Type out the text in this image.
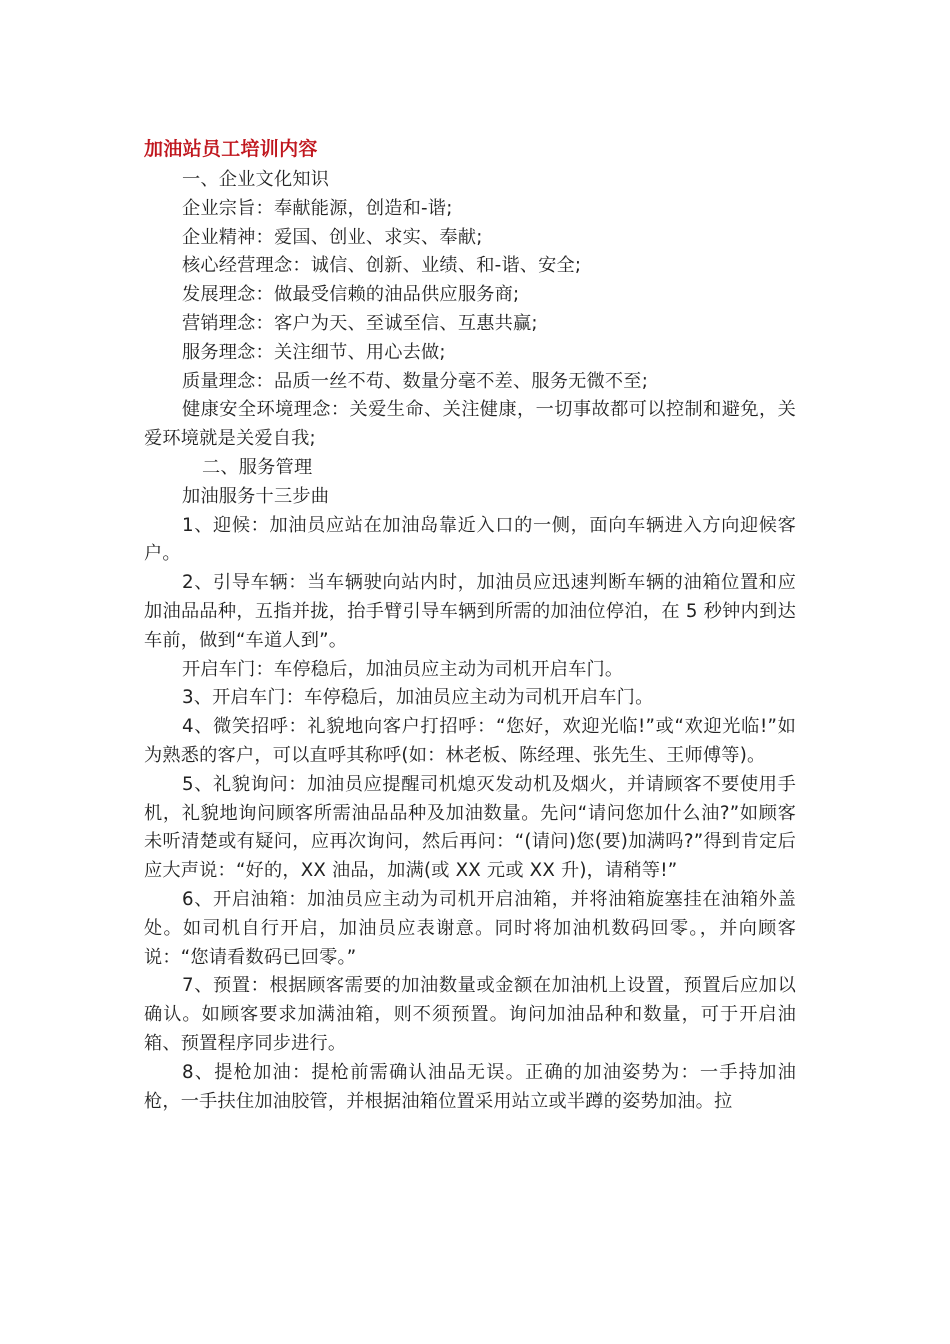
加油站员工培训内容

一、企业文化知识

企业宗旨：奉献能源，创造和-谐;

企业精神：爱国、创业、求实、奉献;

核心经营理念：诚信、创新、业绩、和-谐、安全;

发展理念：做最受信赖的油品供应服务商;

营销理念：客户为天、至诚至信、互惠共赢;

服务理念：关注细节、用心去做;

质量理念：品质一丝不苟、数量分毫不差、服务无微不至;

健康安全环境理念：关爱生命、关注健康，一切事故都可以控制和避免，关爱环境就是关爱自我;

二、服务管理

加油服务十三步曲

1、迎候：加油员应站在加油岛靠近入口的一侧，面向车辆进入方向迎候客户。

2、引导车辆：当车辆驶向站内时，加油员应迅速判断车辆的油箱位置和应加油品品种，五指并拢，抬手臂引导车辆到所需的加油位停泊，在 5 秒钟内到达车前，做到“车道人到”。

开启车门：车停稳后，加油员应主动为司机开启车门。

3、开启车门：车停稳后，加油员应主动为司机开启车门。

4、微笑招呼：礼貌地向客户打招呼：“您好，欢迎光临!”或“欢迎光临!”如为熟悉的客户，可以直呼其称呼(如：林老板、陈经理、张先生、王师傅等)。

5、礼貌询问：加油员应提醒司机熄灭发动机及烟火，并请顾客不要使用手机，礼貌地询问顾客所需油品品种及加油数量。先问“请问您加什么油?”如顾客未听清楚或有疑问，应再次询问，然后再问：“(请问)您(要)加满吗?”得到肯定后应大声说：“好的，XX 油品，加满(或 XX 元或 XX 升)，请稍等!”

6、开启油箱：加油员应主动为司机开启油箱，并将油箱旋塞挂在油箱外盖处。如司机自行开启，加油员应表谢意。同时将加油机数码回零。，并向顾客说：“您请看数码已回零。”

7、预置：根据顾客需要的加油数量或金额在加油机上设置，预置后应加以确认。如顾客要求加满油箱，则不须预置。询问加油品种和数量，可于开启油箱、预置程序同步进行。

8、提枪加油：提枪前需确认油品无误。正确的加油姿势为：一手持加油枪，一手扶住加油胶管，并根据油箱位置采用站立或半蹲的姿势加油。拉
